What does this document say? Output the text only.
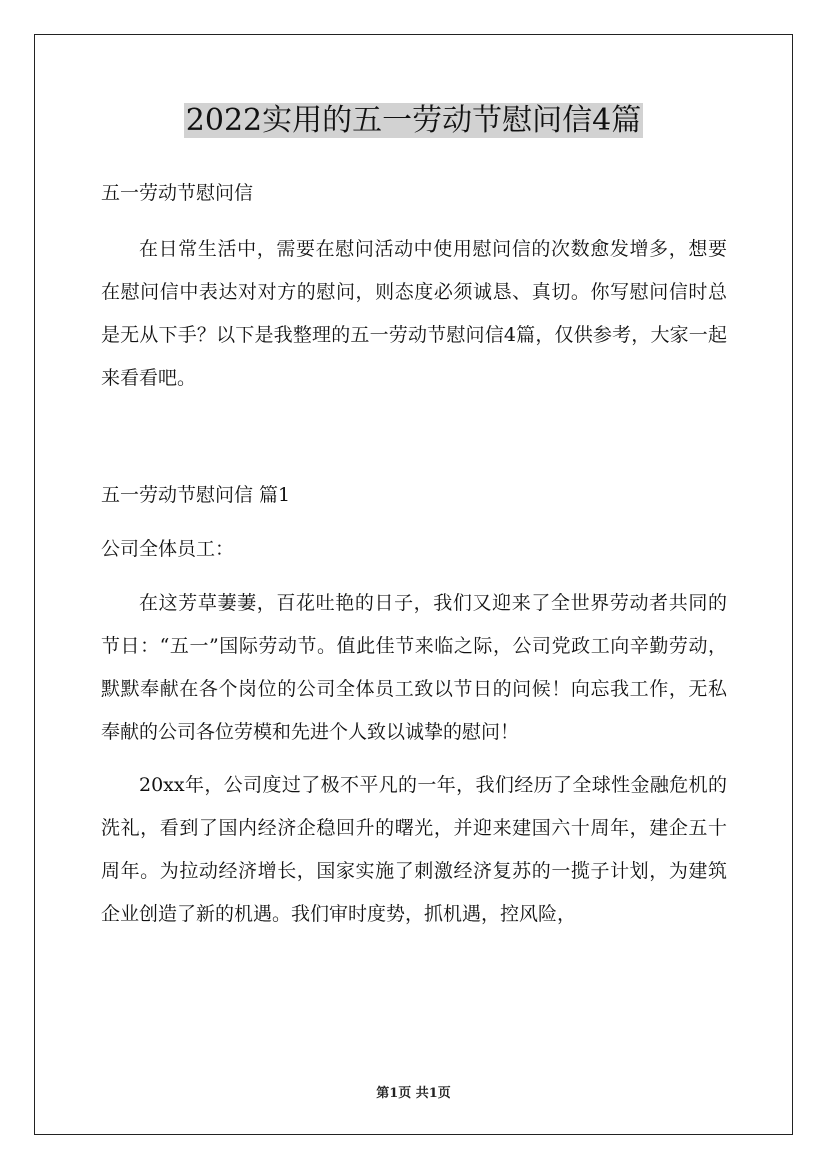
2022实用的五一劳动节慰问信4篇

五一劳动节慰问信

在日常生活中，需要在慰问活动中使用慰问信的次数愈发增多，想要在慰问信中表达对对方的慰问，则态度必须诚恳、真切。你写慰问信时总是无从下手？以下是我整理的五一劳动节慰问信4篇，仅供参考，大家一起来看看吧。

五一劳动节慰问信 篇1

公司全体员工：

在这芳草萋萋，百花吐艳的日子，我们又迎来了全世界劳动者共同的节日：“五一”国际劳动节。值此佳节来临之际，公司党政工向辛勤劳动，默默奉献在各个岗位的公司全体员工致以节日的问候！向忘我工作，无私奉献的公司各位劳模和先进个人致以诚挚的慰问！

20xx年，公司度过了极不平凡的一年，我们经历了全球性金融危机的洗礼，看到了国内经济企稳回升的曙光，并迎来建国六十周年，建企五十周年。为拉动经济增长，国家实施了刺激经济复苏的一揽子计划，为建筑企业创造了新的机遇。我们审时度势，抓机遇，控风险，

第1页 共1页
